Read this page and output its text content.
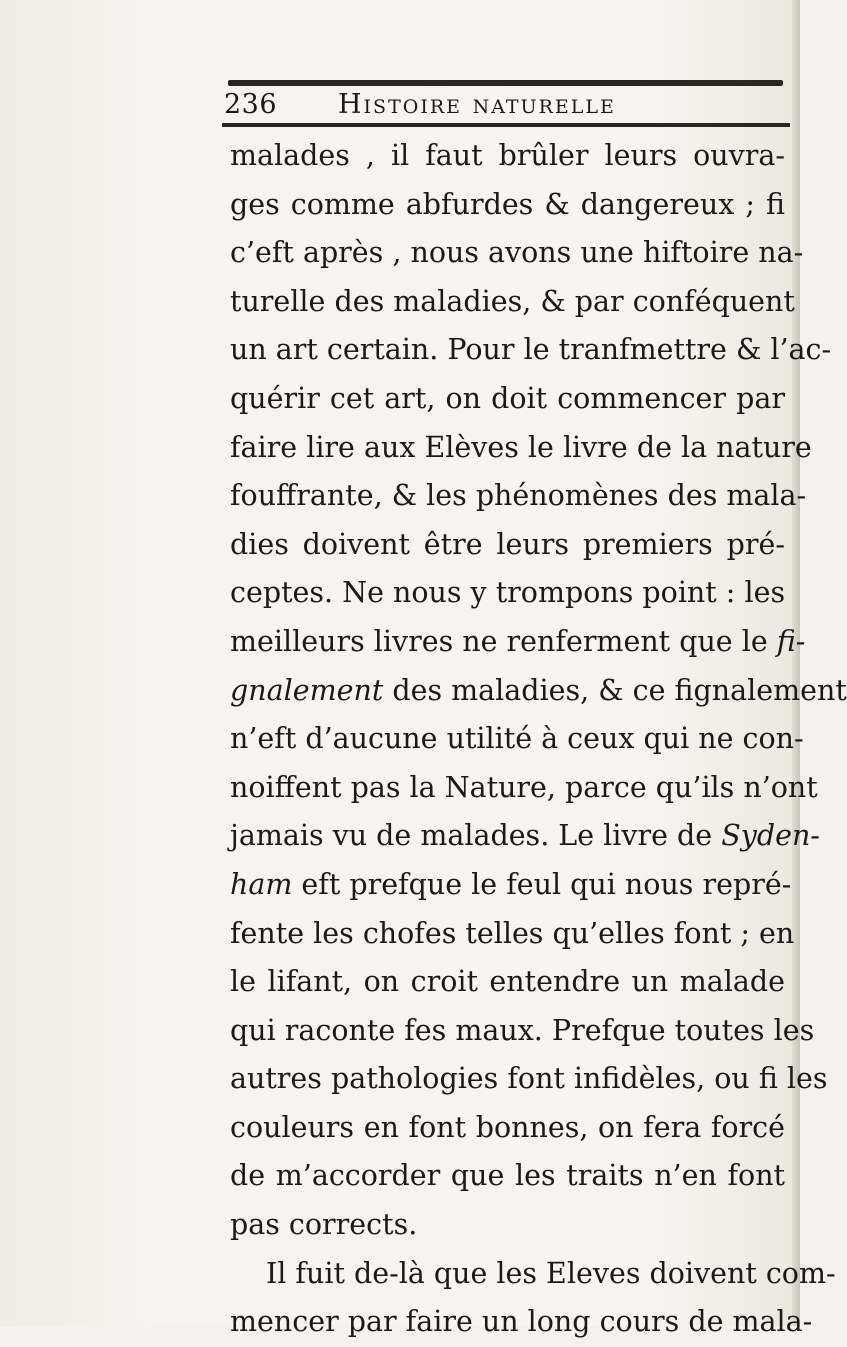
236 Histoire naturelle
malades , il faut brûler leurs ouvra-
ges comme abfurdes & dangereux ; fi
c’eft après , nous avons une hiftoire na-
turelle des maladies, & par conféquent
un art certain. Pour le tranfmettre & l’ac-
quérir cet art, on doit commencer par
faire lire aux Elèves le livre de la nature
fouffrante, & les phénomènes des mala-
dies doivent être leurs premiers pré-
ceptes. Ne nous y trompons point : les
meilleurs livres ne renferment que le fi-
gnalement des maladies, & ce fignalement
n’eft d’aucune utilité à ceux qui ne con-
noiffent pas la Nature, parce qu’ils n’ont
jamais vu de malades. Le livre de Syden-
ham eft prefque le feul qui nous repré-
fente les chofes telles qu’elles font ; en
le lifant, on croit entendre un malade
qui raconte fes maux. Prefque toutes les
autres pathologies font infidèles, ou fi les
couleurs en font bonnes, on fera forcé
de m’accorder que les traits n’en font
pas corrects.
Il fuit de-là que les Eleves doivent com-
mencer par faire un long cours de mala-
